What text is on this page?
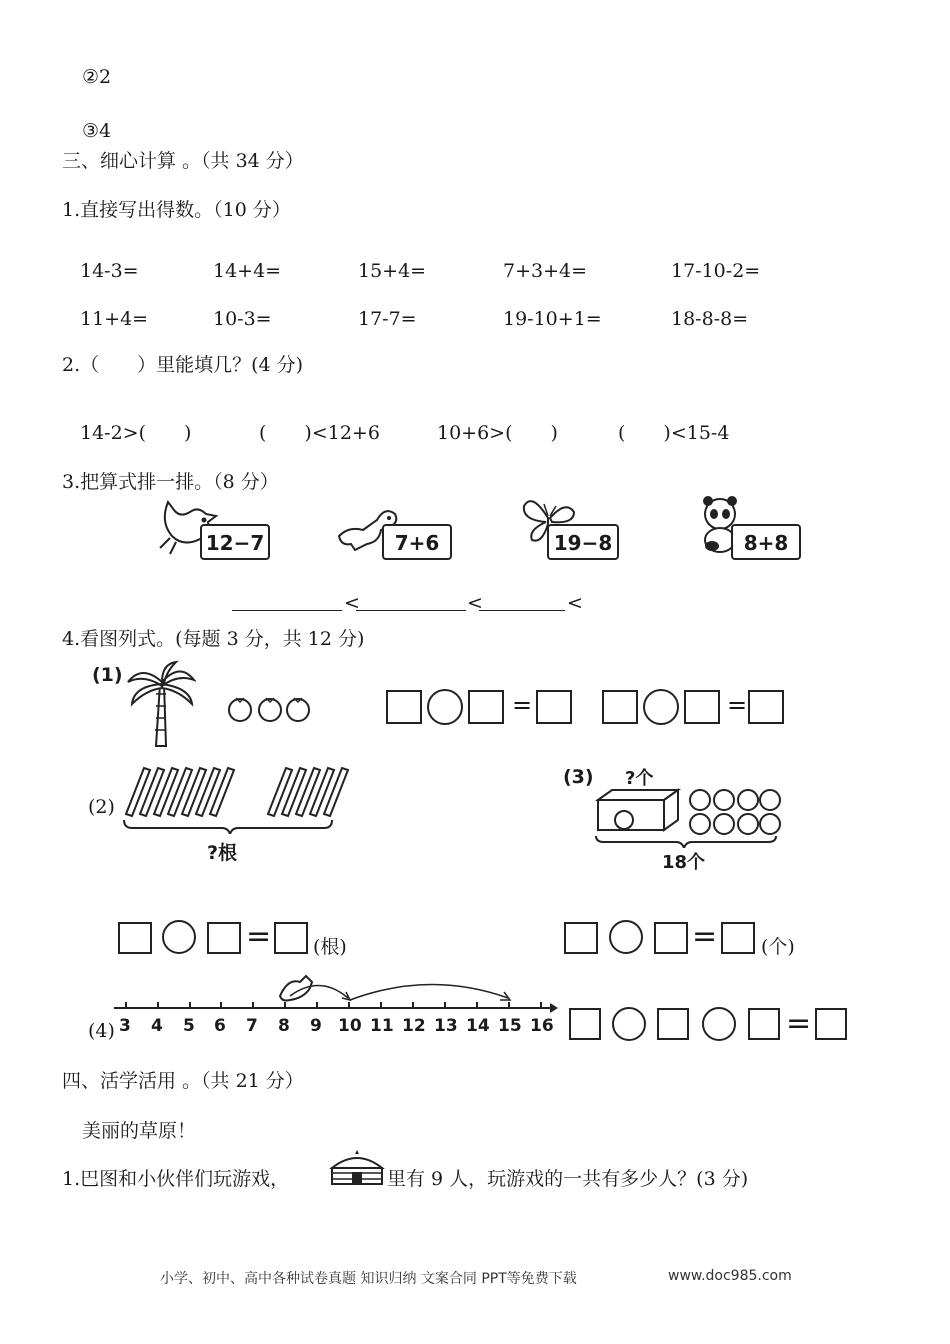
②2
③4
三、细心计算 。（共 34 分）
1.直接写出得数。（10 分）
14-3=	14+4=	15+4=	7+3+4=	17-10-2=
11+4=	10-3=	17-7=	19-10+1=	18-8-8=
2.（　　）里能填几？(4 分)
14-2>(　　)	(　　)<12+6	10+6>(　　)	(　　)<15-4
3.把算式排一排。（8 分）
12−7	7+6	19−8	8+8
<	<	<
4.看图列式。(每题 3 分，共 12 分)
(1)
=	=
(2)
?根
(3) ?个
18个
= (根)	= (个)
(4) 3 4 5 6 7 8 9 10 11 12 13 14 15 16	=
四、活学活用 。（共 21 分）
美丽的草原！
1.巴图和小伙伴们玩游戏，	里有 9 人，玩游戏的一共有多少人？(3 分)
小学、初中、高中各种试卷真题 知识归纳 文案合同 PPT等免费下载	www.doc985.com
